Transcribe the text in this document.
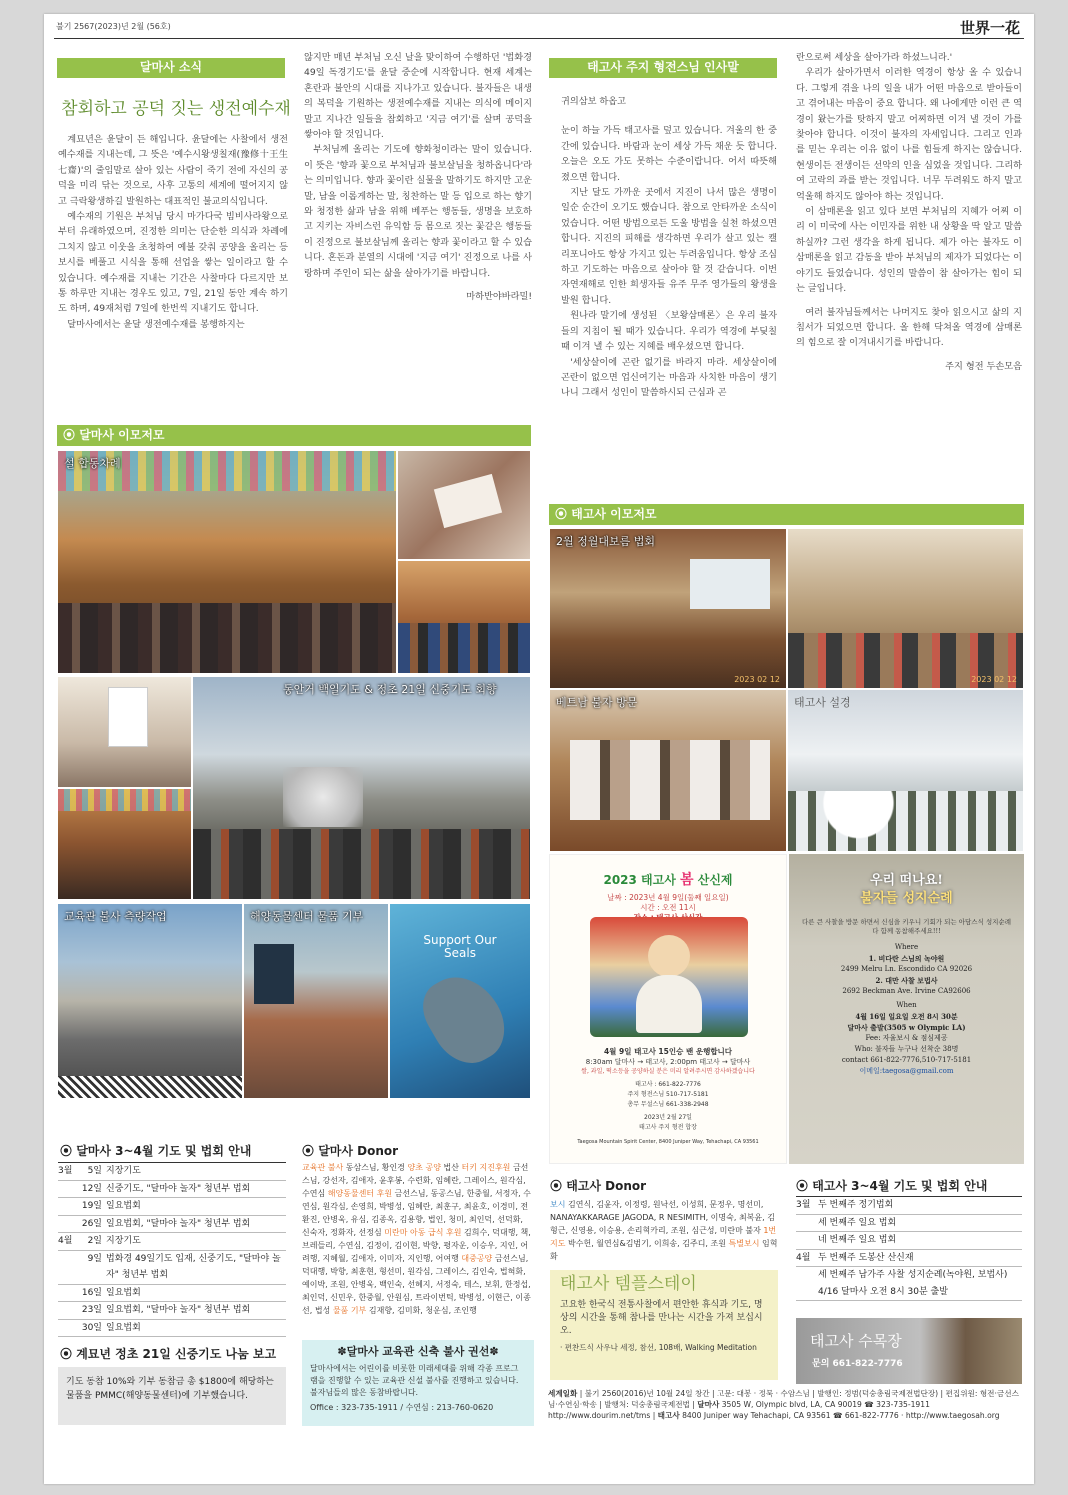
불기 2567(2023)년 2월 (56호)	世界一花
달마사 소식
참회하고 공덕 짓는 생전예수재

계묘년은 윤달이 든 해입니다. 윤달에는 사찰에서 생전예수재를 지내는데, 그 뜻은 '예수시왕생칠재(豫修十王生七齋)'의 줄임말로 살아 있는 사람이 죽기 전에 자신의 공덕을 미리 닦는 것으로, 사후 고통의 세계에 떨어지지 않고 극락왕생하길 발원하는 대표적인 불교의식입니다.

예수재의 기원은 부처님 당시 마가다국 빔비사라왕으로부터 유래하였으며, 진정한 의미는 단순한 의식과 차례에 그치지 않고 이웃을 초청하여 예불 갖춰 공양을 올리는 등 보시를 베풀고 시식을 통해 선업을 쌓는 일이라고 할 수 있습니다. 예수재를 지내는 기간은 사찰마다 다르지만 보통 하루만 지내는 경우도 있고, 7일, 21일 동안 계속 하기도 하며, 49재처럼 7일에 한번씩 지내기도 합니다.

달마사에서는 윤달 생전예수재를 봉행하지는

않지만 매년 부처님 오신 날을 맞이하여 수행하던 '법화경 49일 독경기도'를 윤달 중순에 시작합니다. 현재 세계는 혼란과 불안의 시대를 지나가고 있습니다. 불자들은 내생의 복덕을 기원하는 생전예수재를 지내는 의식에 메이지 말고 지나간 일들을 참회하고 '지금 여기'를 살며 공덕을 쌓아야 할 것입니다.

부처님께 올리는 기도에 향화청이라는 말이 있습니다. 이 뜻은 '향과 꽃으로 부처님과 불보살님을 청하옵니다'라는 의미입니다. 향과 꽃이란 실물을 말하기도 하지만 고운 말, 남을 이롭게하는 말, 칭찬하는 말 등 입으로 하는 향기와 청정한 삶과 남을 위해 베푸는 행동들, 생명을 보호하고 지키는 자비스런 유익함 등 몸으로 짓는 꽃같은 행동들이 진정으로 불보살님께 올리는 향과 꽃이라고 할 수 있습니다. 혼돈과 분열의 시대에 '지금 여기' 진정으로 나를 사랑하며 주인이 되는 삶을 살아가기를 바랍니다.

마하반야바라밀!

태고사 주지 형전스님 인사말

귀의삼보 하옵고

눈이 하늘 가득 태고사를 덮고 있습니다. 겨울의 한 중간에 있습니다. 바람과 눈이 세상 가득 채운 듯 합니다. 오늘은 오도 가도 못하는 수준이랍니다. 어서 따뜻해 졌으면 합니다.

지난 달도 가까운 곳에서 지진이 나서 많은 생명이 일순 순간이 오기도 했습니다. 참으로 안타까운 소식이었습니다. 어떤 방법으로든 도울 방법을 실천 하셨으면 합니다. 지진의 피해를 생각하면 우리가 살고 있는 캘리포니아도 항상 가지고 있는 두려움입니다. 항상 조심하고 기도하는 마음으로 살아야 할 것 같습니다. 이번 자연재해로 인한 희생자들 유주 무주 영가들의 왕생을 발원 합니다.

원나라 말기에 생성된 〈보왕삼매론〉은 우리 불자들의 지침이 될 때가 있습니다. 우리가 역경에 부딪칠 때 이겨 낼 수 있는 지혜를 배우셨으면 합니다.

'세상살이에 곤란 없기를 바라지 마라. 세상살이에 곤란이 없으면 업신여기는 마음과 사치한 마음이 생기나니 그래서 성인이 말씀하시되 근심과 곤

란으로써 세상을 살아가라 하셨느니라.'

우리가 살아가면서 이러한 역경이 항상 올 수 있습니다. 그렇게 겪을 나의 일을 내가 어떤 마음으로 받아들이고 겪어내는 마음이 중요 합니다. 왜 나에게만 이런 큰 역경이 왔는가를 탓하지 말고 어찌하면 이겨 낼 것이 가를 찾아야 합니다. 이것이 불자의 자세입니다. 그리고 인과를 믿는 우리는 이유 없이 나를 힘들게 하지는 않습니다. 현생이든 전생이든 선악의 인을 심었을 것입니다. 그리하여 고락의 과를 받는 것입니다. 너무 두려워도 하지 말고 억울해 하지도 않아야 하는 것입니다.

이 삼매론을 읽고 있다 보면 부처님의 지혜가 어찌 이리 이 미국에 사는 이민자를 위한 내 상황을 딱 알고 말씀하실까? 그런 생각을 하게 됩니다. 제가 아는 불자도 이 삼매론을 읽고 감동을 받아 부처님의 제자가 되었다는 이야기도 들었습니다. 성인의 말씀이 참 살아가는 힘이 되는 글입니다.

여러 불자님들께서는 나머지도 찾아 읽으시고 삶의 지침서가 되었으면 합니다. 올 한해 닥쳐올 역경에 삼매론의 힘으로 잘 이겨내시기를 바랍니다.

주지 형전 두손모음

⦿ 달마사 이모저모
설 합동차례
동안거 백일기도 & 정초 21일 신중기도 회향
교육관 불사 측량작업	해양동물센터 물품 기부
Support Our Seals
⦿ 태고사 이모저모
2월 정월대보름 법회
2023 02 12	2023 02 12
베트남 불자 방문	태고사 설경
2023 태고사 봄 산신제
날짜 : 2023년 4월 9일(둘째 일요일)
시간 : 오전 11시
4월 9일 태고사 15인승 밴 운행합니다
8:30am 달마사 → 태고사, 2:00pm 태고사 → 달마사
쌀, 과일, 떡소등을 공양하실 분은 미리 알려주시면 감사하겠습니다
태고사 : 661-822-7776
주지 형전스님 510-717-5181
총무 무설스님 661-338-2948
2023년 2월 27일
태고사 주지 형전 합장
Taegosa Mountain Spirit Center, 8400 Juniper Way, Tehachapi, CA 93561
우리 떠나요!
불자들 성지순례
다른 큰 사찰을 방문 하면서 신심을 키우니 기회가 되는 아담스식 성지순례 다 함께 동참해주세요!!!
Where
1. 비다란 스님의 녹야원
2499 Melru Ln. Escondido CA 92026
2. 대만 사찰 보법사
2692 Beckman Ave. Irvine CA92606
When
4월 16일 일요일 오전 8시 30분
달마사 출발(3505 w Olympic LA)
Fee: 자율보시 & 점심제공
Who: 불자들 누구나 선착순 38명
contact 661-822-7776,510-717-5181
이메일:taegosa@gmail.com
⦿ 달마사 3~4월 기도 및 법회 안내
3월	5일 지장기도
12일 신중기도, "달마야 놀자" 청년부 법회
19일 일요법회
26일 일요법회, "달마야 놀자" 청년부 법회
4월	2일 지장기도
9일 법화경 49일기도 입재, 신중기도, "달마야 놀자" 청년부 법회
16일 일요법회
23일 일요법회, "달마야 놀자" 청년부 법회
30일 일요법회
⦿ 계묘년 정초 21일 신중기도 나눔 보고
기도 동참 10%와 기부 동참금 총 $1800에 해당하는 물품을 PMMC(해양동물센터)에 기부했습니다.
⦿ 달마사 Donor
교육관 불사 동삼스님, 황인경 양초 공양 법산 터키 지진후원 금선스님, 강선자, 김애자, 윤후봉, 수련화, 임혜란, 그레이스, 원각심, 수연심 해양동물센터 후원 금선스님, 동공스님, 한중월, 서정자, 수연심, 원각심, 손영희, 박병성, 임혜란, 최훈구, 최윤호, 이경미, 전환진, 안병욱, 유심, 김종옥, 김용향, 법인, 청미, 최인덕, 선덕화, 신숙자, 정화자, 선정심 미란마 아동 급식 후원 김희수, 덕대행, 책, 브레들리, 수연심, 김정이, 김이현, 박향, 평자운, 이승우, 지인, 어려행, 지혜월, 김애자, 이미자, 지인행, 어여행 대중공양 금선스님, 덕대행, 박향, 최훈현, 형선미, 원각심, 그레이스, 김인숙, 법혀화, 예이박, 조원, 안병욱, 백인숙, 선혜지, 서정숙, 테스, 보휘, 한정섭, 최인덕, 신민우, 한중월, 안원심, 트라이번틱, 박병성, 이현근, 이종선, 법성 물품 기부 김재향, 김미화, 청운심, 조인행
✽달마사 교육관 신축 불사 권선✽
달마사에서는 어린이를 비롯한 미래세대를 위해 각종 프로그램을 진행할 수 있는 교육관 신설 불사를 진행하고 있습니다. 불자님들의 많은 동참바랍니다.
Office : 323-735-1911 / 수연심 : 213-760-0620
⦿ 태고사 Donor
보시 김연식, 김윤자, 이정령, 원낙선, 이성희, 문정우, 명선미, NANAYAKKARAGE JAGODA, R NESIMITH, 이명숙, 최복윤, 김형근, 신영용, 이승용, 손리혁카리, 조원, 심근성, 미란마 불자 1번지도 박수헌, 월연심&김범기, 이희송, 김주디, 조원 특별보시 임혁화
태고사 템플스테이
고요한 한국식 전통사찰에서 편안한 휴식과 기도, 명상의 시간을 통해 참나를 만나는 시간을 가져 보십시오.
· 편찬드식 사우나 세정, 참선, 108배, Walking Meditation
⦿ 태고사 3~4월 기도 및 법회 안내
3월 두 번째주 정기법회
세 번째주 일요 법회
네 번째주 일요 법회
4월 두 번째주 도봉산 산신재
세 번째주 남가주 사찰 성지순례(녹야원, 보법사) 4/16 달마사 오전 8시 30분 출발
태고사 수목장
문의 661-822-7776
세계일화 | 불기 2560(2016)년 10월 24일 창간 | 고문: 대봉 · 정묵 · 수암스님 | 발행인: 정범(덕숭총림국제전법단장) | 편집위원: 형전·금선스님·수연심·학송 | 발행처: 덕숭총림국제전법 | 달마사 3505 W, Olympic blvd, LA, CA 90019 ☎ 323-735-1911
http://www.dourim.net/tms | 태고사 8400 Juniper way Tehachapi, CA 93561 ☎ 661-822-7776 · http://www.taegosah.org
